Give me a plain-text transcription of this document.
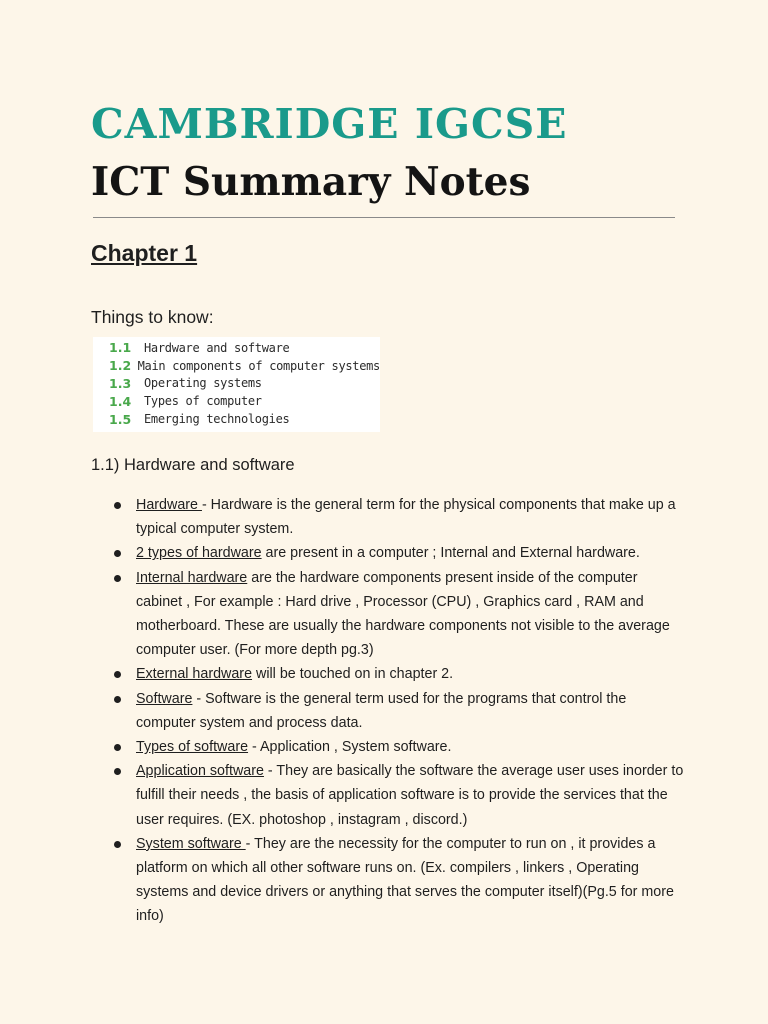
CAMBRIDGE IGCSE
ICT Summary Notes
Chapter 1

Things to know:

1.1	Hardware and software
1.2 Main components of computer systems
1.3	Operating systems
1.4	Types of computer
1.5	Emerging technologies

1.1) Hardware and software

Hardware - Hardware is the general term for the physical components that make up a typical computer system.
2 types of hardware are present in a computer ; Internal and External hardware.
Internal hardware are the hardware components present inside of the computer cabinet , For example : Hard drive , Processor (CPU) , Graphics card , RAM and motherboard. These are usually the hardware components not visible to the average computer user. (For more depth pg.3)
External hardware will be touched on in chapter 2.
Software - Software is the general term used for the programs that control the computer system and process data.
Types of software - Application , System software.
Application software - They are basically the software the average user uses inorder to fulfill their needs , the basis of application software is to provide the services that the user requires. (EX. photoshop , instagram , discord.)
System software - They are the necessity for the computer to run on , it provides a platform on which all other software runs on. (Ex. compilers , linkers , Operating systems and device drivers or anything that serves the computer itself)(Pg.5 for more info)
